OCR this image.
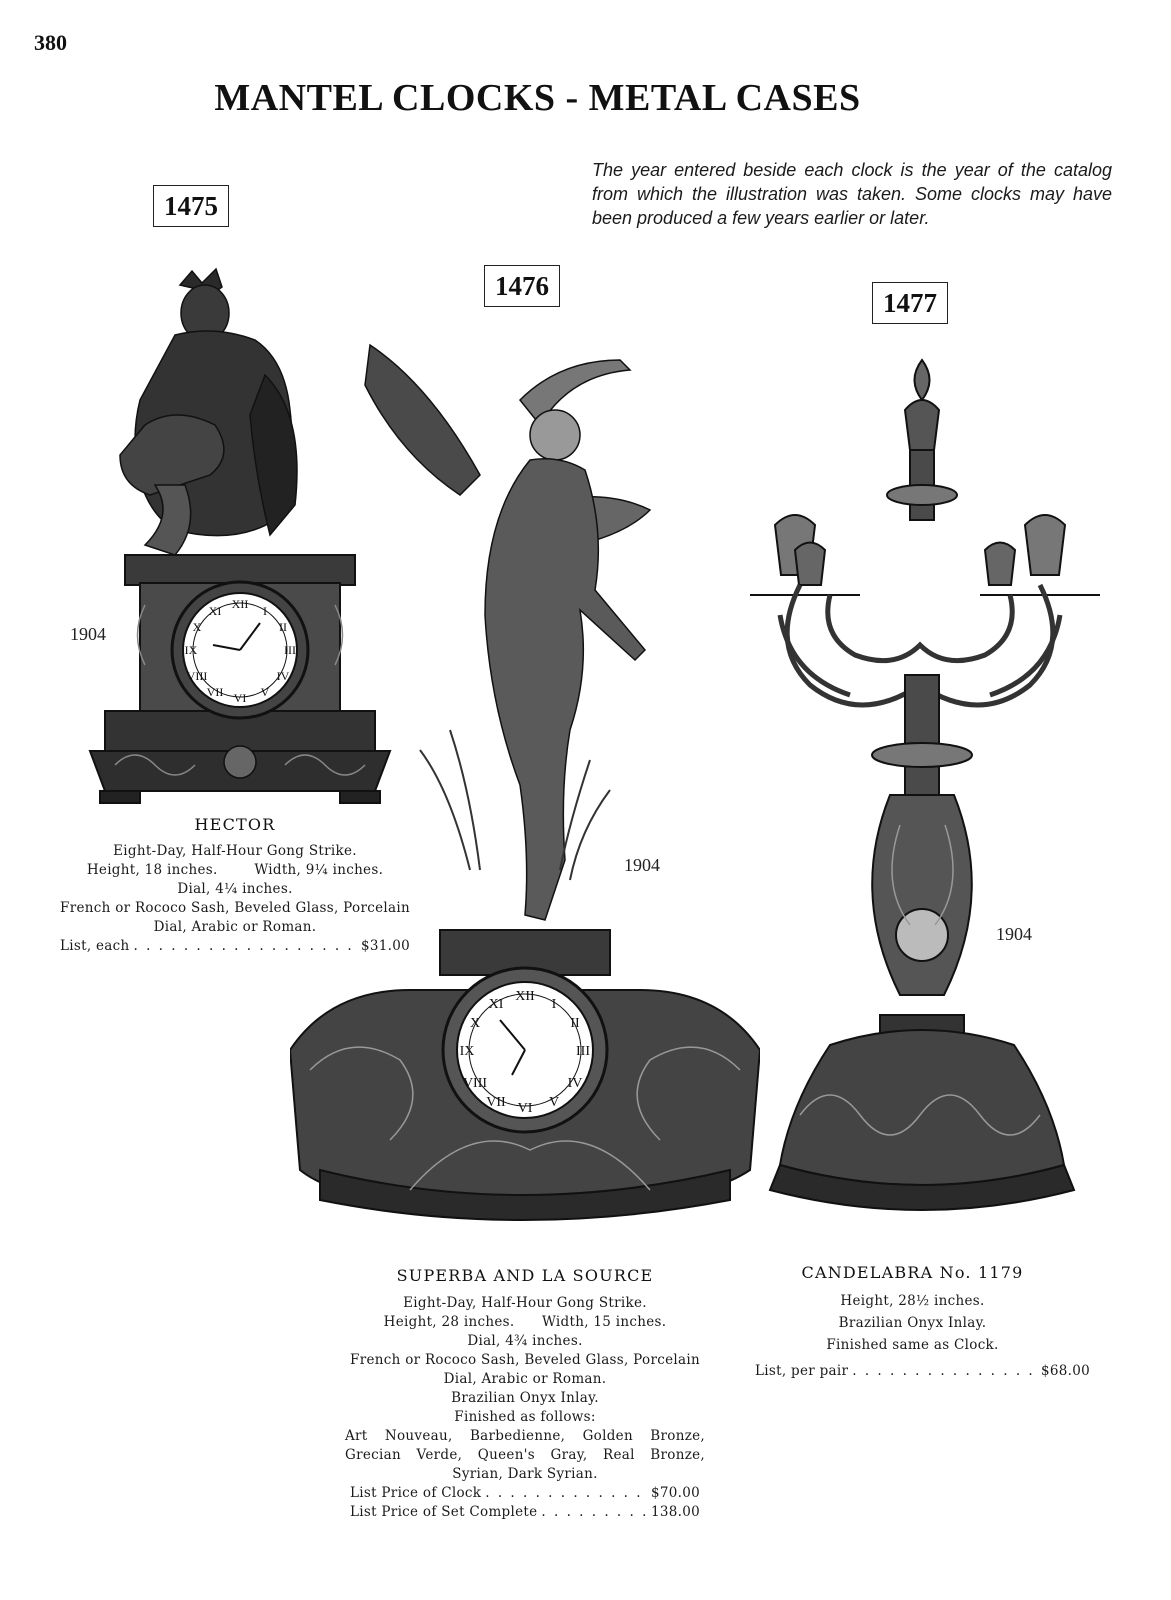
380
MANTEL CLOCKS - METAL CASES
The year entered beside each clock is the year of the catalog from which the illustration was taken. Some clocks may have been produced a few years earlier or later.
1475
1904
XII
VI
III
IX
I
II
IV
V
VII
VIII
X
XI
HECTOR
Eight-Day, Half-Hour Gong Strike.
Height, 18 inches.        Width, 9¼ inches.
Dial, 4¼ inches.
French or Rococo Sash, Beveled Glass, Porcelain
Dial, Arabic or Roman.
List, each . . .	$31.00
1476
1904
XII
VI
III
IX
I
II
IV
V
VII
VIII
X
XI
SUPERBA AND LA SOURCE
Eight-Day, Half-Hour Gong Strike.
Height, 28 inches.      Width, 15 inches.
Dial, 4¾ inches.
French or Rococo Sash, Beveled Glass, Porcelain
Dial, Arabic or Roman.
Brazilian Onyx Inlay.
Finished as follows:
Art Nouveau, Barbedienne, Golden Bronze, Grecian Verde, Queen's Gray, Real Bronze, Syrian, Dark Syrian.
List Price of Clock . . .	$70.00
List Price of Set Complete . . .	138.00
1477
1904
CANDELABRA No. 1179
Height, 28½ inches.
Brazilian Onyx Inlay.
Finished same as Clock.
List, per pair . . .	$68.00
